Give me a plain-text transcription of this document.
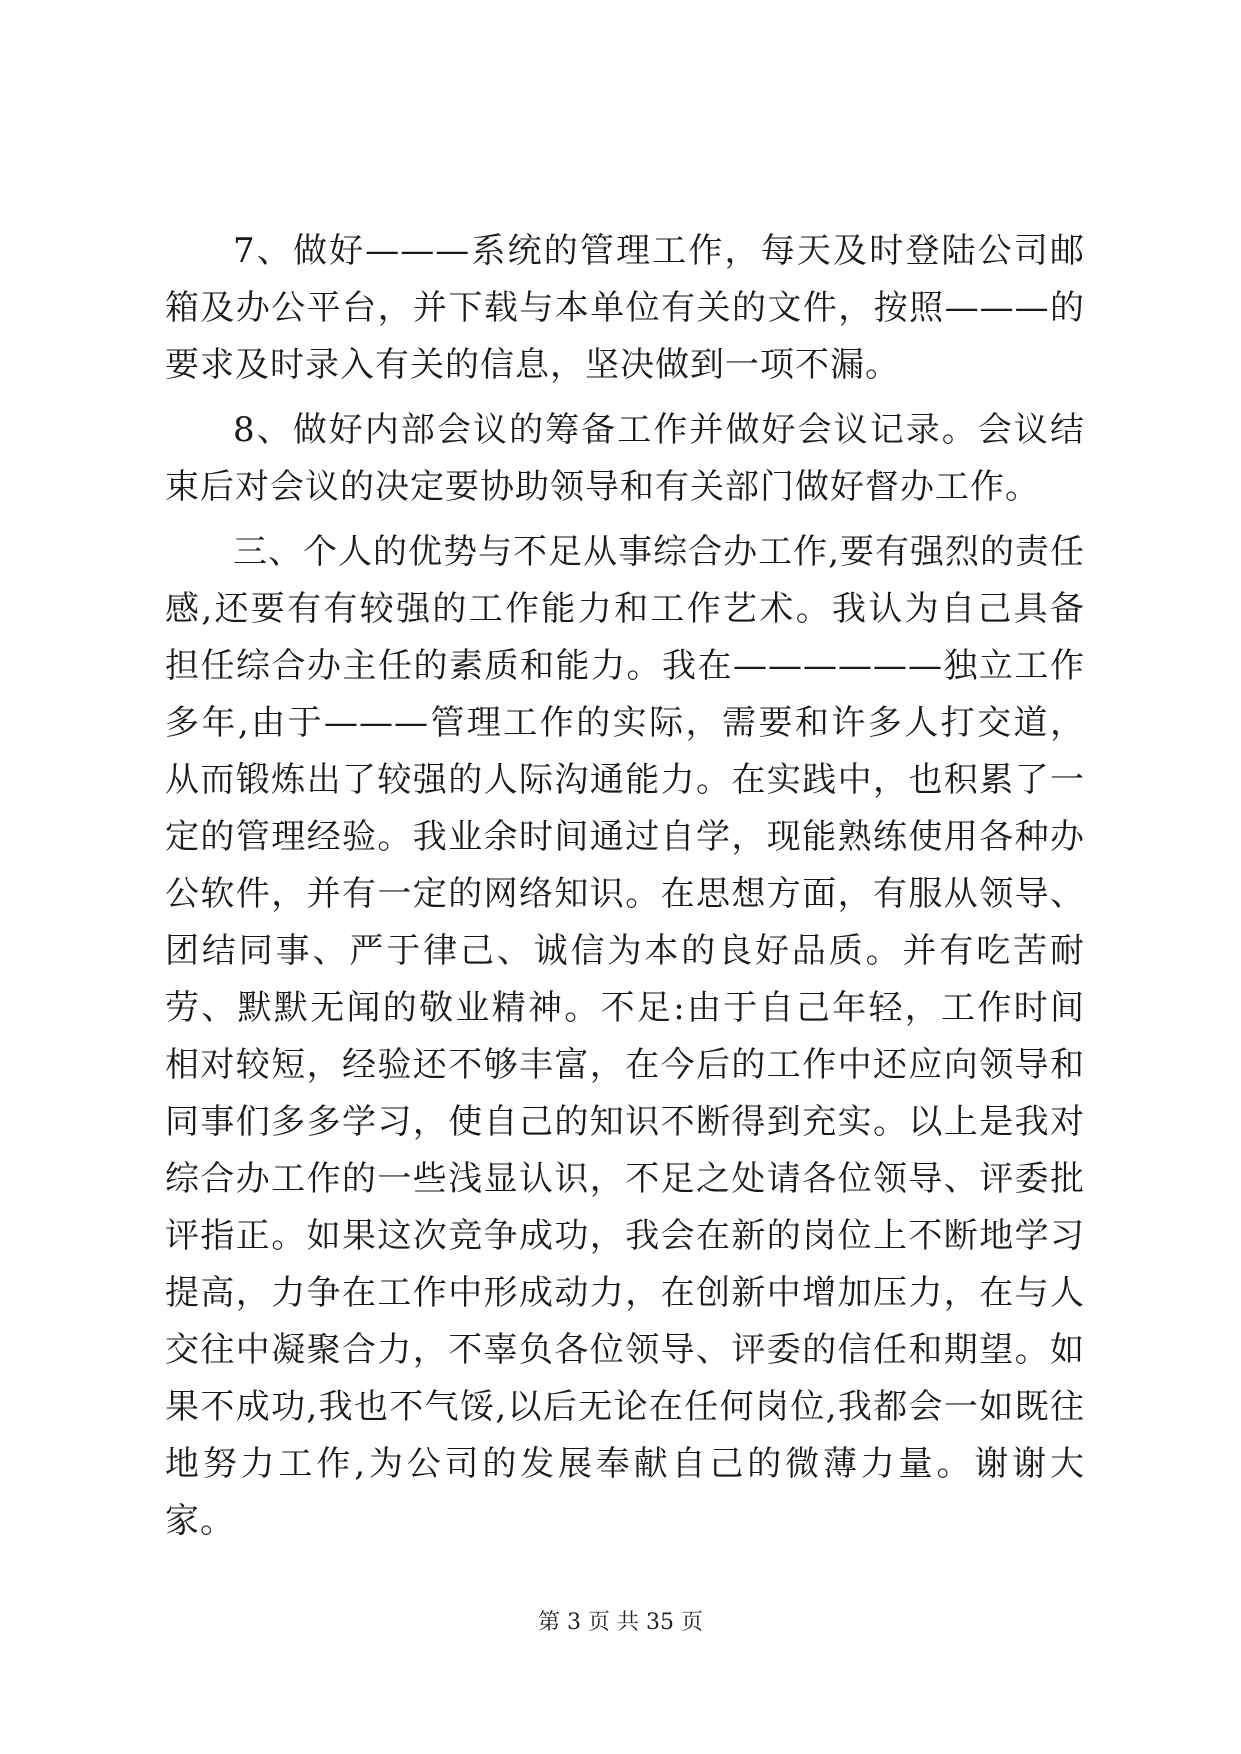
7、做好———系统的管理工作，每天及时登陆公司邮箱及办公平台，并下载与本单位有关的文件，按照———的要求及时录入有关的信息，坚决做到一项不漏。

8、做好内部会议的筹备工作并做好会议记录。会议结束后对会议的决定要协助领导和有关部门做好督办工作。

三、个人的优势与不足从事综合办工作,要有强烈的责任感,还要有有较强的工作能力和工作艺术。我认为自己具备担任综合办主任的素质和能力。我在——————独立工作多年,由于———管理工作的实际，需要和许多人打交道，从而锻炼出了较强的人际沟通能力。在实践中，也积累了一定的管理经验。我业余时间通过自学，现能熟练使用各种办公软件，并有一定的网络知识。在思想方面，有服从领导、团结同事、严于律己、诚信为本的良好品质。并有吃苦耐劳、默默无闻的敬业精神。不足:由于自己年轻，工作时间相对较短，经验还不够丰富，在今后的工作中还应向领导和同事们多多学习，使自己的知识不断得到充实。以上是我对综合办工作的一些浅显认识，不足之处请各位领导、评委批评指正。如果这次竞争成功，我会在新的岗位上不断地学习提高，力争在工作中形成动力，在创新中增加压力，在与人交往中凝聚合力，不辜负各位领导、评委的信任和期望。如果不成功,我也不气馁,以后无论在任何岗位,我都会一如既往地努力工作,为公司的发展奉献自己的微薄力量。谢谢大家。

第 3 页 共 35 页
